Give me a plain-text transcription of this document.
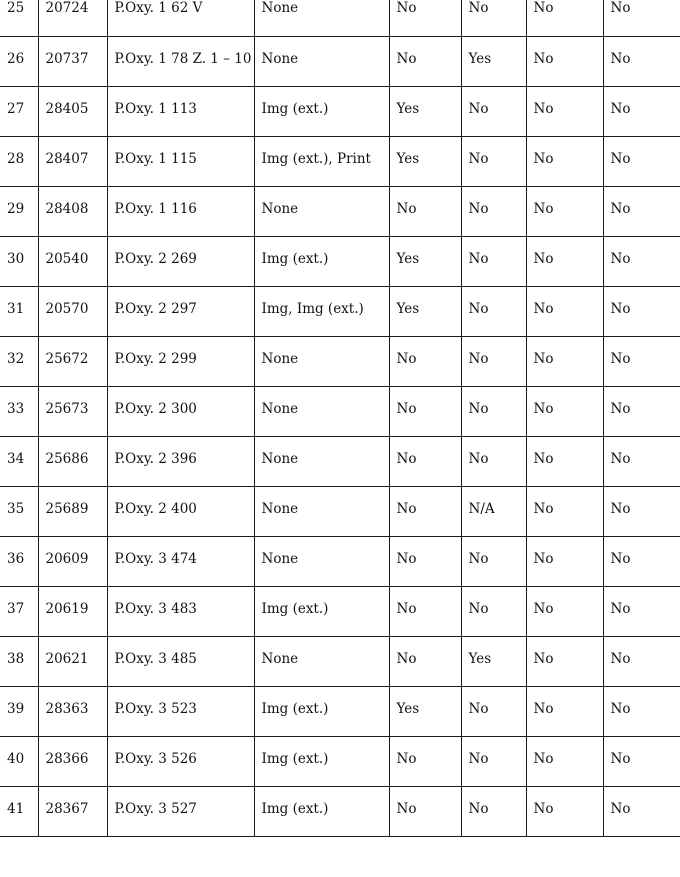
25	20724	P.Oxy. 1 62 V	None	No	No	No	No
26	20737	P.Oxy. 1 78 Z. 1 – 10	None	No	Yes	No	No
27	28405	P.Oxy. 1 113	Img (ext.)	Yes	No	No	No
28	28407	P.Oxy. 1 115	Img (ext.), Print	Yes	No	No	No
29	28408	P.Oxy. 1 116	None	No	No	No	No
30	20540	P.Oxy. 2 269	Img (ext.)	Yes	No	No	No
31	20570	P.Oxy. 2 297	Img, Img (ext.)	Yes	No	No	No
32	25672	P.Oxy. 2 299	None	No	No	No	No
33	25673	P.Oxy. 2 300	None	No	No	No	No
34	25686	P.Oxy. 2 396	None	No	No	No	No
35	25689	P.Oxy. 2 400	None	No	N/A	No	No
36	20609	P.Oxy. 3 474	None	No	No	No	No
37	20619	P.Oxy. 3 483	Img (ext.)	No	No	No	No
38	20621	P.Oxy. 3 485	None	No	Yes	No	No
39	28363	P.Oxy. 3 523	Img (ext.)	Yes	No	No	No
40	28366	P.Oxy. 3 526	Img (ext.)	No	No	No	No
41	28367	P.Oxy. 3 527	Img (ext.)	No	No	No	No
